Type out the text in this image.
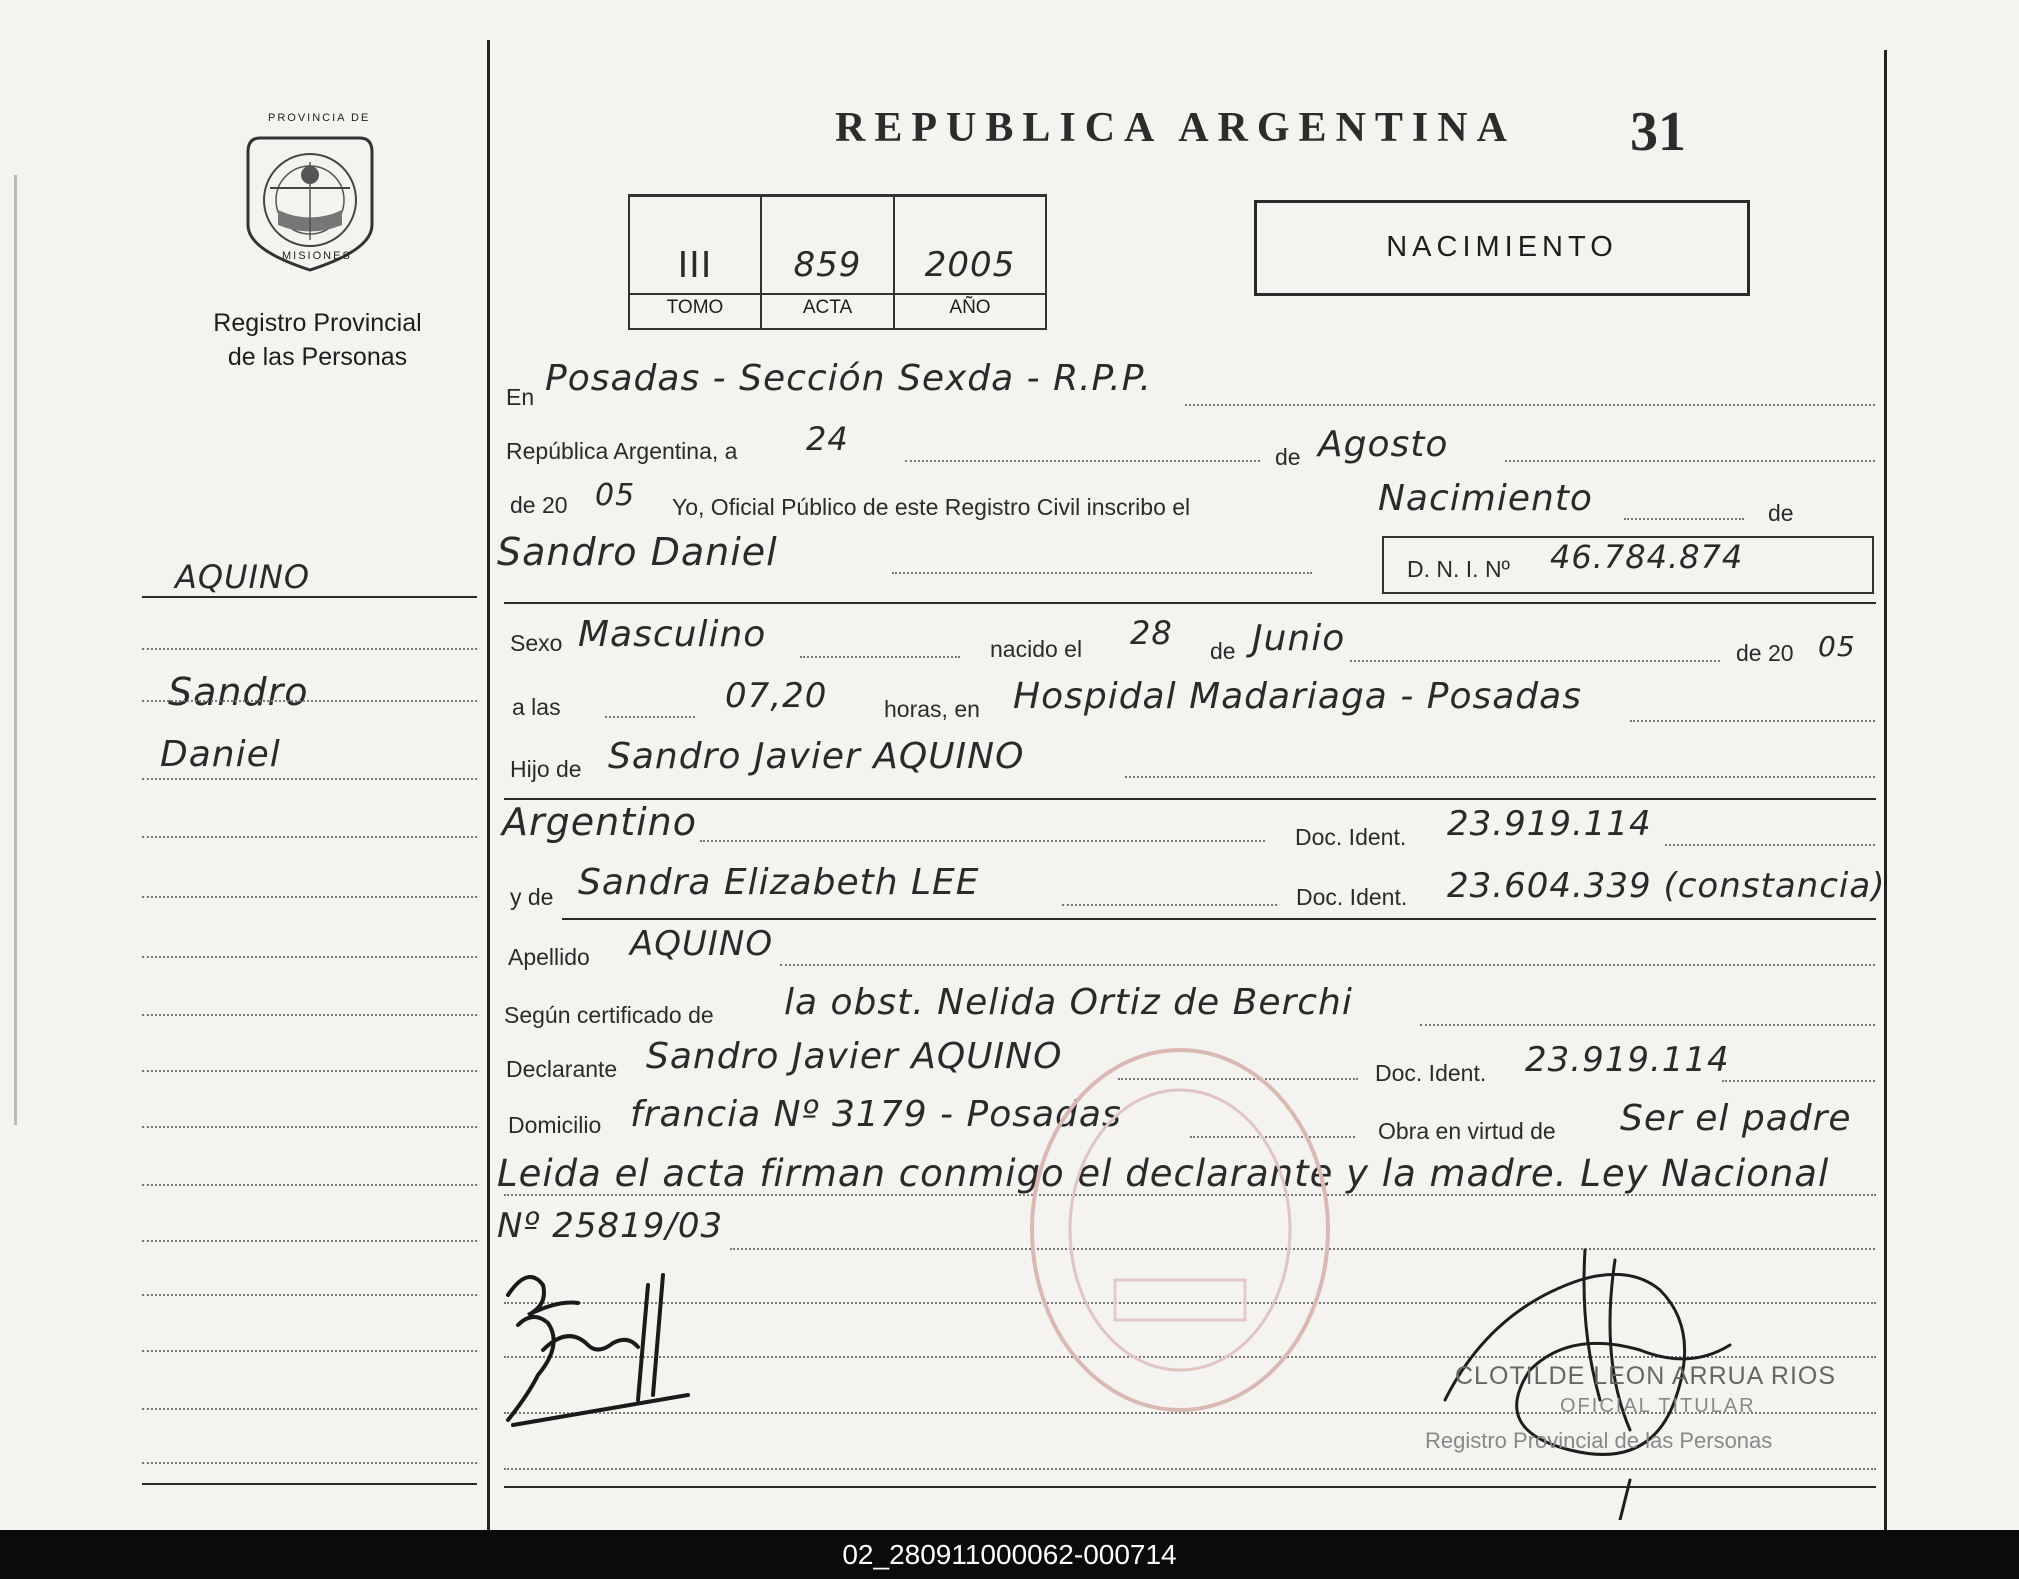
PROVINCIA DE
MISIONES
Registro Provincial
de las Personas
REPUBLICA ARGENTINA 31
III	859	2005
TOMO	ACTA	AÑO
NACIMIENTO
AQUINO
Sandro
Daniel
En Posadas - Sección Sexda - R.P.P.
República Argentina, a 24	de Agosto
de 20 05 Yo, Oficial Público de este Registro Civil inscribo el	Nacimiento	de
Sandro Daniel	D. N. I. Nº 46.784.874
Sexo Masculino	nacido el 28 de Junio	de 20 05
a las	07,20 horas, en Hospidal Madariaga - Posadas
Hijo de Sandro Javier AQUINO
Argentino	Doc. Ident. 23.919.114
y de Sandra Elizabeth LEE	Doc. Ident. 23.604.339 (constancia)
Apellido AQUINO
Según certificado de la obst. Nelida Ortiz de Berchi
Declarante Sandro Javier AQUINO	Doc. Ident. 23.919.114
Domicilio francia Nº 3179 - Posadas	Obra en virtud de Ser el padre
Leida el acta firman conmigo el declarante y la madre. Ley Nacional
Nº 25819/03
CLOTILDE LEON ARRUA RIOS
OFICIAL TITULAR
Registro Provincial de las Personas
02_280911000062-000714
